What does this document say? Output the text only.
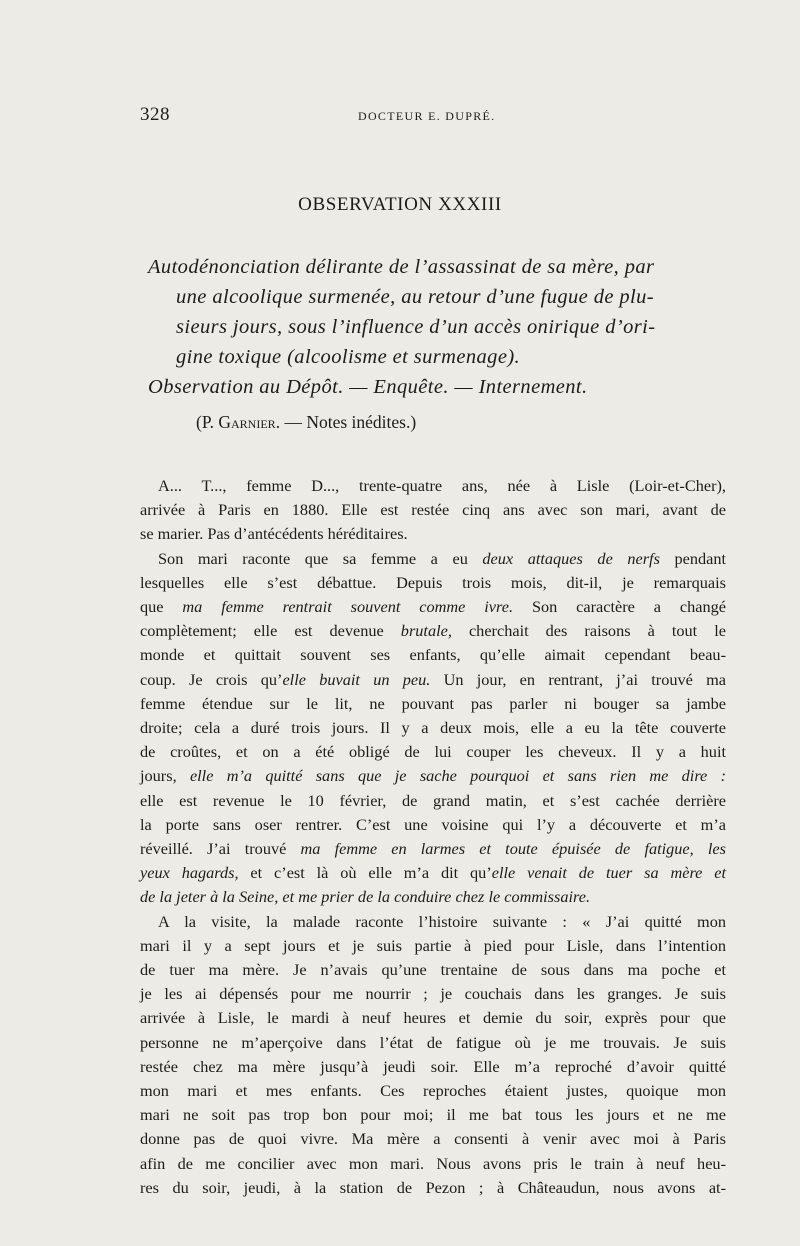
328	DOCTEUR E. DUPRÉ.
OBSERVATION XXXIII
Autodénonciation délirante de l’assassinat de sa mère, par
une alcoolique surmenée, au retour d’une fugue de plu-
sieurs jours, sous l’influence d’un accès onirique d’ori-
gine toxique (alcoolisme et surmenage).
Observation au Dépôt. — Enquête. — Internement.
(P. Garnier. — Notes inédites.)
A... T..., femme D..., trente-quatre ans, née à Lisle (Loir-et-Cher),
arrivée à Paris en 1880. Elle est restée cinq ans avec son mari, avant de
se marier. Pas d’antécédents héréditaires.
Son mari raconte que sa femme a eu deux attaques de nerfs pendant
lesquelles elle s’est débattue. Depuis trois mois, dit-il, je remarquais
que ma femme rentrait souvent comme ivre. Son caractère a changé
complètement; elle est devenue brutale, cherchait des raisons à tout le
monde et quittait souvent ses enfants, qu’elle aimait cependant beau-
coup. Je crois qu’elle buvait un peu. Un jour, en rentrant, j’ai trouvé ma
femme étendue sur le lit, ne pouvant pas parler ni bouger sa jambe
droite; cela a duré trois jours. Il y a deux mois, elle a eu la tête couverte
de croûtes, et on a été obligé de lui couper les cheveux. Il y a huit
jours, elle m’a quitté sans que je sache pourquoi et sans rien me dire :
elle est revenue le 10 février, de grand matin, et s’est cachée derrière
la porte sans oser rentrer. C’est une voisine qui l’y a découverte et m’a
réveillé. J’ai trouvé ma femme en larmes et toute épuisée de fatigue, les
yeux hagards, et c’est là où elle m’a dit qu’elle venait de tuer sa mère et
de la jeter à la Seine, et me prier de la conduire chez le commissaire.
A la visite, la malade raconte l’histoire suivante : « J’ai quitté mon
mari il y a sept jours et je suis partie à pied pour Lisle, dans l’intention
de tuer ma mère. Je n’avais qu’une trentaine de sous dans ma poche et
je les ai dépensés pour me nourrir ; je couchais dans les granges. Je suis
arrivée à Lisle, le mardi à neuf heures et demie du soir, exprès pour que
personne ne m’aperçoive dans l’état de fatigue où je me trouvais. Je suis
restée chez ma mère jusqu’à jeudi soir. Elle m’a reproché d’avoir quitté
mon mari et mes enfants. Ces reproches étaient justes, quoique mon
mari ne soit pas trop bon pour moi; il me bat tous les jours et ne me
donne pas de quoi vivre. Ma mère a consenti à venir avec moi à Paris
afin de me concilier avec mon mari. Nous avons pris le train à neuf heu-
res du soir, jeudi, à la station de Pezon ; à Châteaudun, nous avons at-
